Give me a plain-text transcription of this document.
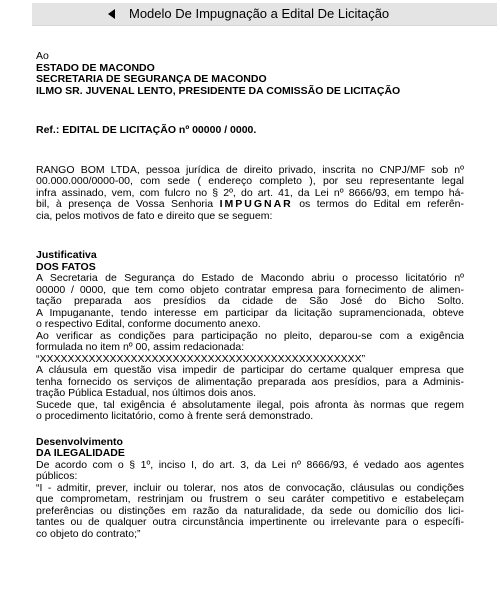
Modelo De Impugnação a Edital De Licitação
Ao
ESTADO DE MACONDO
SECRETARIA DE SEGURANÇA DE MACONDO
ILMO SR. JUVENAL LENTO, PRESIDENTE DA COMISSÃO DE LICITAÇÃO
Ref.: EDITAL DE LICITAÇÃO nº 00000 / 0000.
RANGO BOM LTDA, pessoa jurídica de direito privado, inscrita no CNPJ/MF sob nº
00.000.000/0000-00, com sede ( endereço completo ), por seu representante legal
infra assinado, vem, com fulcro no § 2º, do art. 41, da Lei nº 8666/93, em tempo há-
bil, à presença de Vossa Senhoria IMPUGNAR os termos do Edital em referên-
cia, pelos motivos de fato e direito que se seguem:
Justificativa
DOS FATOS
A Secretaria de Segurança do Estado de Macondo abriu o processo licitatório nº
00000 / 0000, que tem como objeto contratar empresa para fornecimento de alimen-
tação preparada aos presídios da cidade de São José do Bicho Solto.
A Impuganante, tendo interesse em participar da licitação supramencionada, obteve
o respectivo Edital, conforme documento anexo.
Ao verificar as condições para participação no pleito, deparou-se com a exigência
formulada no item nº 00, assim redacionada:
“XXXXXXXXXXXXXXXXXXXXXXXXXXXXXXXXXXXXXXXXXXXXXX”
A cláusula em questão visa impedir de participar do certame qualquer empresa que
tenha fornecido os serviços de alimentação preparada aos presídios, para a Adminis-
tração Pública Estadual, nos últimos dois anos.
Sucede que, tal exigência é absolutamente ilegal, pois afronta às normas que regem
o procedimento licitatório, como à frente será demonstrado.
Desenvolvimento
DA ILEGALIDADE
De acordo com o § 1º, inciso I, do art. 3, da Lei nº 8666/93, é vedado aos agentes
públicos:
“I - admitir, prever, incluir ou tolerar, nos atos de convocação, cláusulas ou condições
que comprometam, restrinjam ou frustrem o seu caráter competitivo e estabeleçam
preferências ou distinções em razão da naturalidade, da sede ou domicílio dos lici-
tantes ou de qualquer outra circunstância impertinente ou irrelevante para o específi-
co objeto do contrato;”
